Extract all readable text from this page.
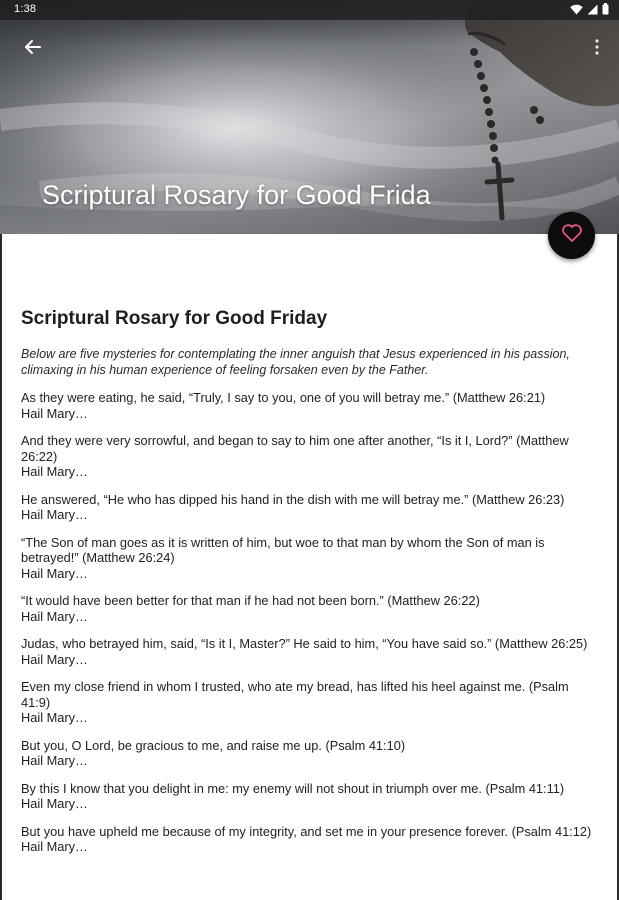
1:38
Scriptural Rosary for Good Frida
Scriptural Rosary for Good Friday

Below are five mysteries for contemplating the inner anguish that Jesus experienced in his passion, climaxing in his human experience of feeling forsaken even by the Father.

As they were eating, he said, “Truly, I say to you, one of you will betray me.” (Matthew 26:21)
Hail Mary…
And they were very sorrowful, and began to say to him one after another, “Is it I, Lord?” (Matthew 26:22)
Hail Mary…
He answered, “He who has dipped his hand in the dish with me will betray me.” (Matthew 26:23)
Hail Mary…
“The Son of man goes as it is written of him, but woe to that man by whom the Son of man is betrayed!” (Matthew 26:24)
Hail Mary…
“It would have been better for that man if he had not been born.” (Matthew 26:22)
Hail Mary…
Judas, who betrayed him, said, “Is it I, Master?” He said to him, “You have said so.” (Matthew 26:25)
Hail Mary…
Even my close friend in whom I trusted, who ate my bread, has lifted his heel against me. (Psalm 41:9)
Hail Mary…
But you, O Lord, be gracious to me, and raise me up. (Psalm 41:10)
Hail Mary…
By this I know that you delight in me: my enemy will not shout in triumph over me. (Psalm 41:11)
Hail Mary…
But you have upheld me because of my integrity, and set me in your presence forever. (Psalm 41:12)
Hail Mary…
